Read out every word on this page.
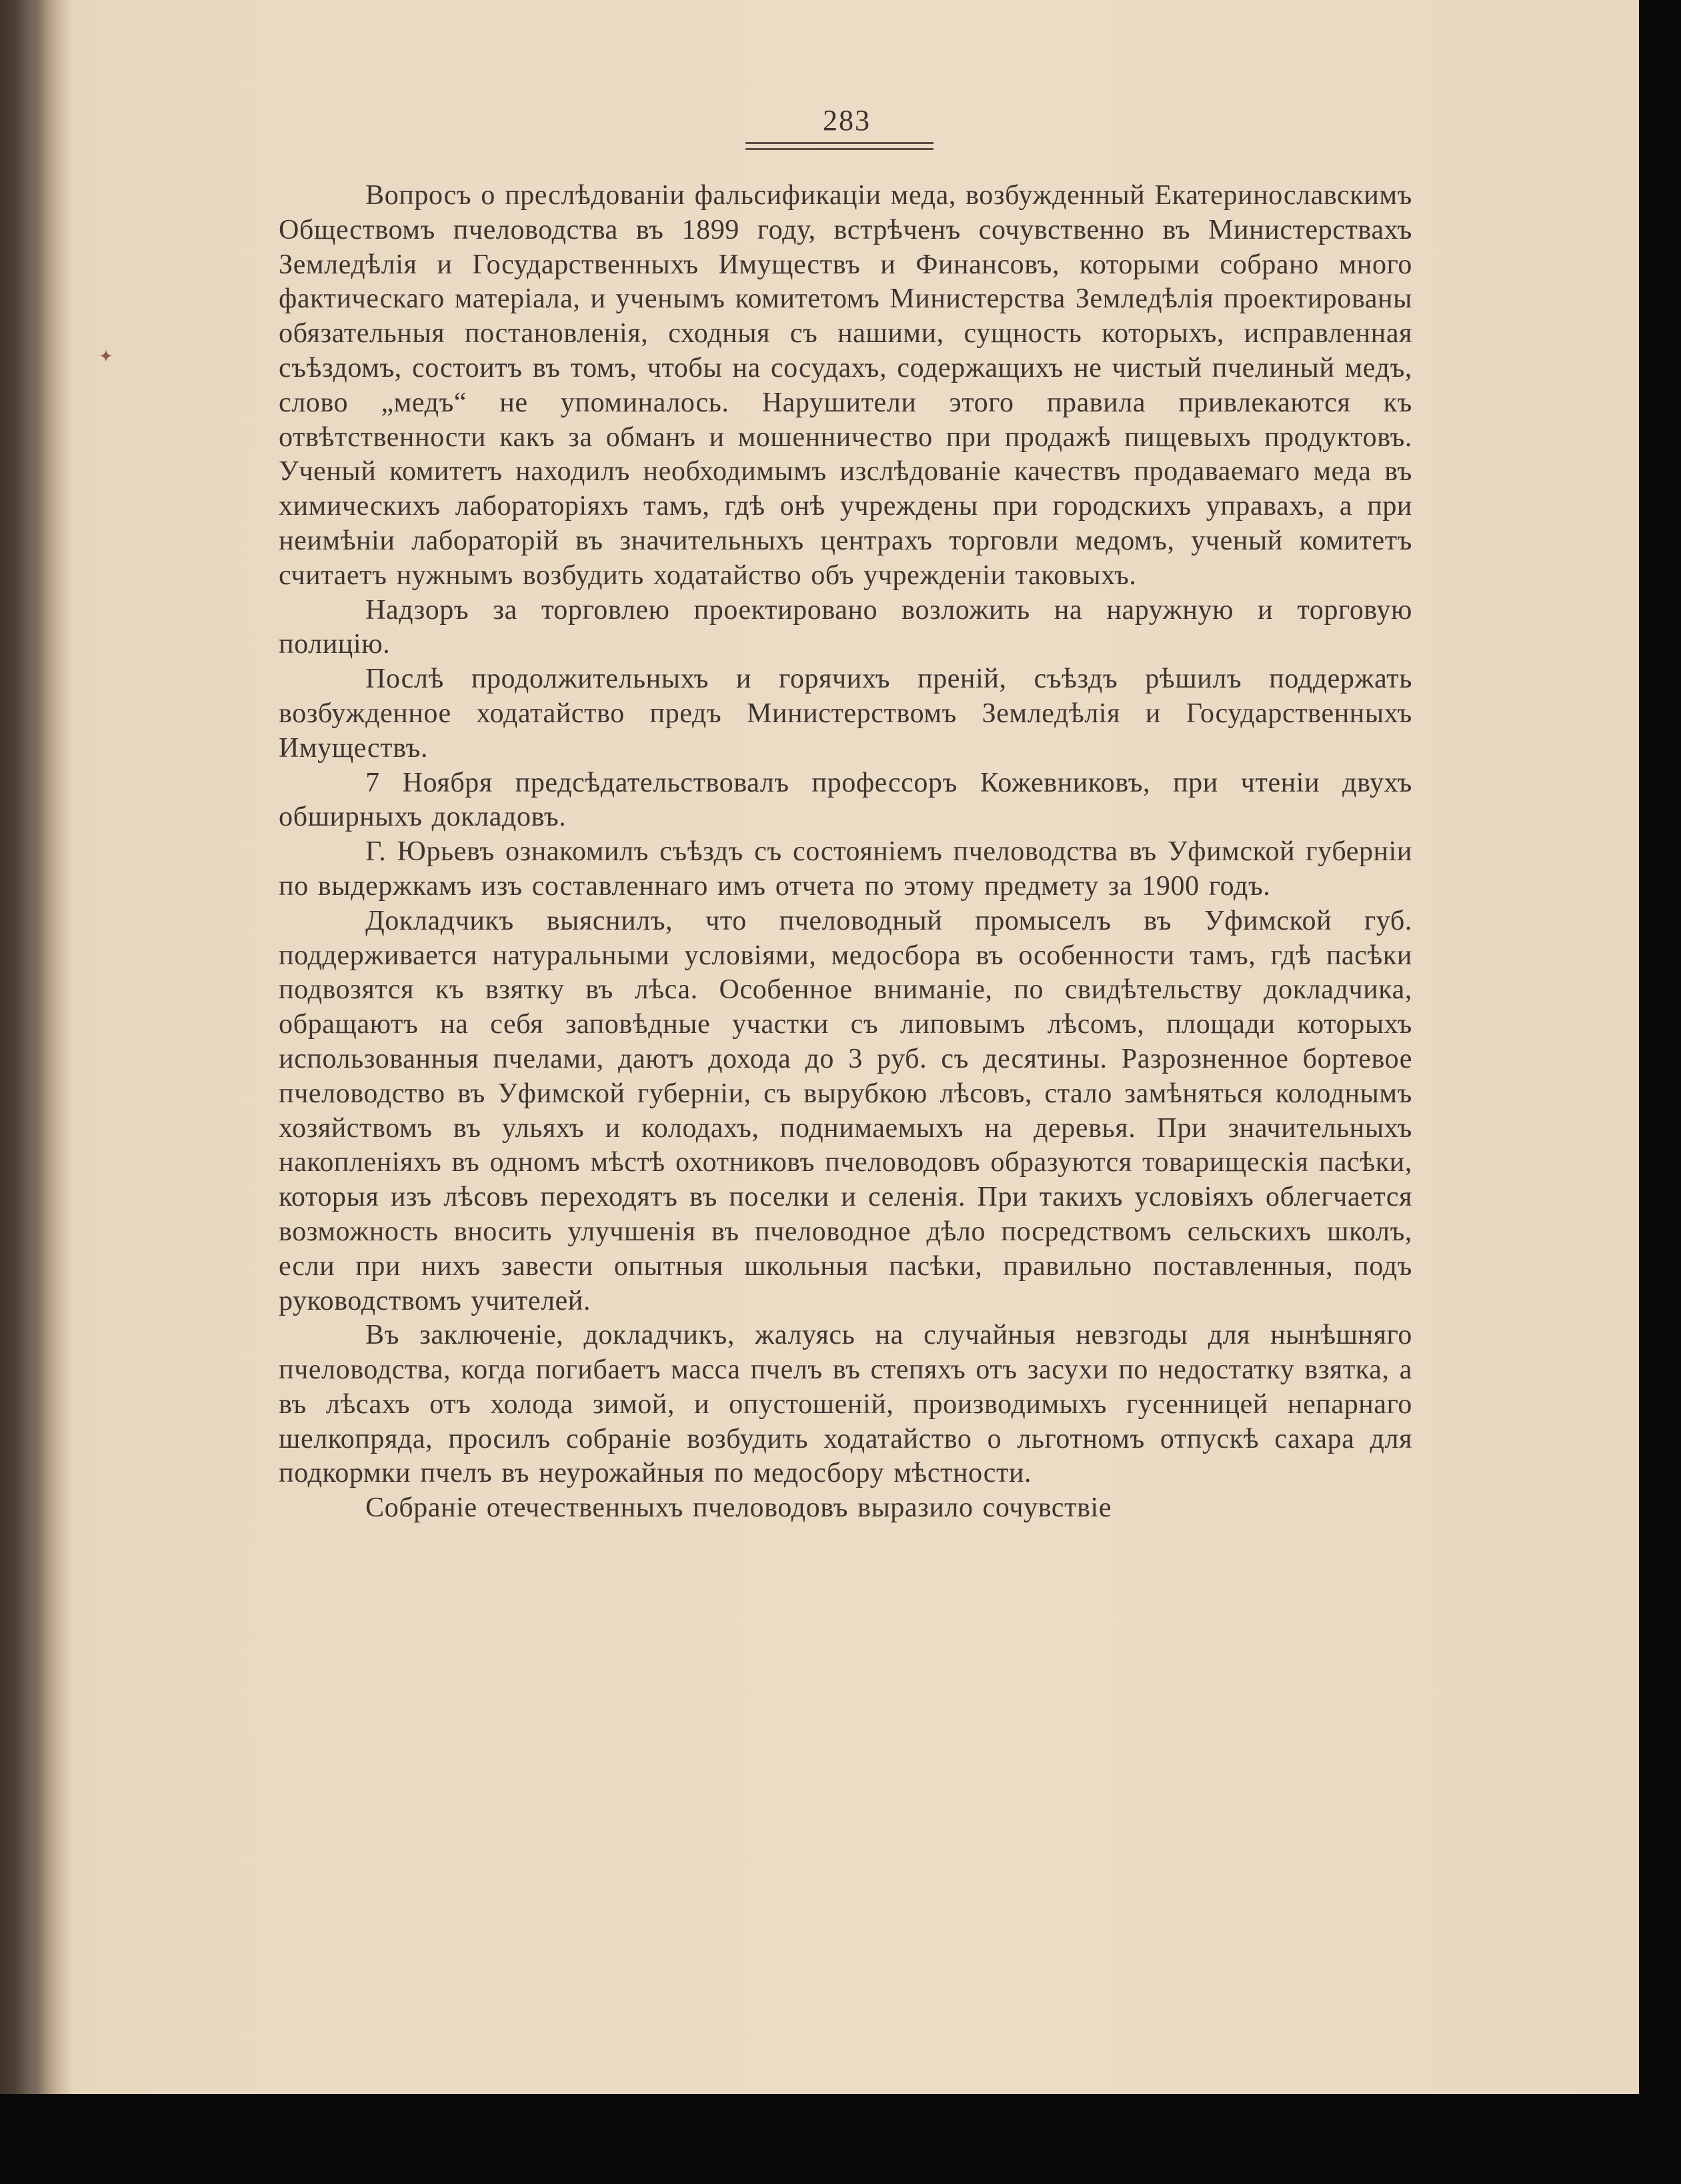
283
✦

Вопросъ о преслѣдованіи фальсификаціи меда, возбужденный Екатеринославскимъ Обществомъ пчеловодства въ 1899 году, встрѣченъ сочувственно въ Министерствахъ Земледѣлія и Государственныхъ Имуществъ и Финансовъ, которыми собрано много фактическаго матеріала, и ученымъ комитетомъ Министерства Земледѣлія проектированы обязательныя постановленія, сходныя съ нашими, сущность которыхъ, исправленная съѣздомъ, состоитъ въ томъ, чтобы на сосудахъ, содержащихъ не чистый пчелиный медъ, слово „медъ“ не упоминалось. Нарушители этого правила привлекаются къ отвѣтственности какъ за обманъ и мошенничество при продажѣ пищевыхъ продуктовъ. Ученый комитетъ находилъ необходимымъ изслѣдованіе качествъ продаваемаго меда въ химическихъ лабораторіяхъ тамъ, гдѣ онѣ учреждены при городскихъ управахъ, а при неимѣніи лабораторій въ значительныхъ центрахъ торговли медомъ, ученый комитетъ считаетъ нужнымъ возбудить ходатайство объ учрежденіи таковыхъ.

Надзоръ за торговлею проектировано возложить на наружную и торговую полицію.

Послѣ продолжительныхъ и горячихъ преній, съѣздъ рѣшилъ поддержать возбужденное ходатайство предъ Министерствомъ Земледѣлія и Государственныхъ Имуществъ.

7 Ноября предсѣдательствовалъ профессоръ Кожевниковъ, при чтеніи двухъ обширныхъ докладовъ.

Г. Юрьевъ ознакомилъ съѣздъ съ состояніемъ пчеловодства въ Уфимской губерніи по выдержкамъ изъ составленнаго имъ отчета по этому предмету за 1900 годъ.

Докладчикъ выяснилъ, что пчеловодный промыселъ въ Уфимской губ. поддерживается натуральными условіями, медосбора въ особенности тамъ, гдѣ пасѣки подвозятся къ взятку въ лѣса. Особенное вниманіе, по свидѣтельству докладчика, обращаютъ на себя заповѣдные участки съ липовымъ лѣсомъ, площади которыхъ использованныя пчелами, даютъ дохода до 3 руб. съ десятины. Разрозненное бортевое пчеловодство въ Уфимской губерніи, съ вырубкою лѣсовъ, стало замѣняться колоднымъ хозяйствомъ въ ульяхъ и колодахъ, поднимаемыхъ на деревья. При значительныхъ накопленіяхъ въ одномъ мѣстѣ охотниковъ пчеловодовъ образуются товарищескія пасѣки, которыя изъ лѣсовъ переходятъ въ поселки и селенія. При такихъ условіяхъ облегчается возможность вносить улучшенія въ пчеловодное дѣло посредствомъ сельскихъ школъ, если при нихъ завести опытныя школьныя пасѣки, правильно поставленныя, подъ руководствомъ учителей.

Въ заключеніе, докладчикъ, жалуясь на случайныя невзгоды для нынѣшняго пчеловодства, когда погибаетъ масса пчелъ въ степяхъ отъ засухи по недостатку взятка, а въ лѣсахъ отъ холода зимой, и опустошеній, производимыхъ гусенницей непарнаго шелкопряда, просилъ собраніе возбудить ходатайство о льготномъ отпускѣ сахара для подкормки пчелъ въ неурожайныя по медосбору мѣстности.

Собраніе отечественныхъ пчеловодовъ выразило сочувствіе
